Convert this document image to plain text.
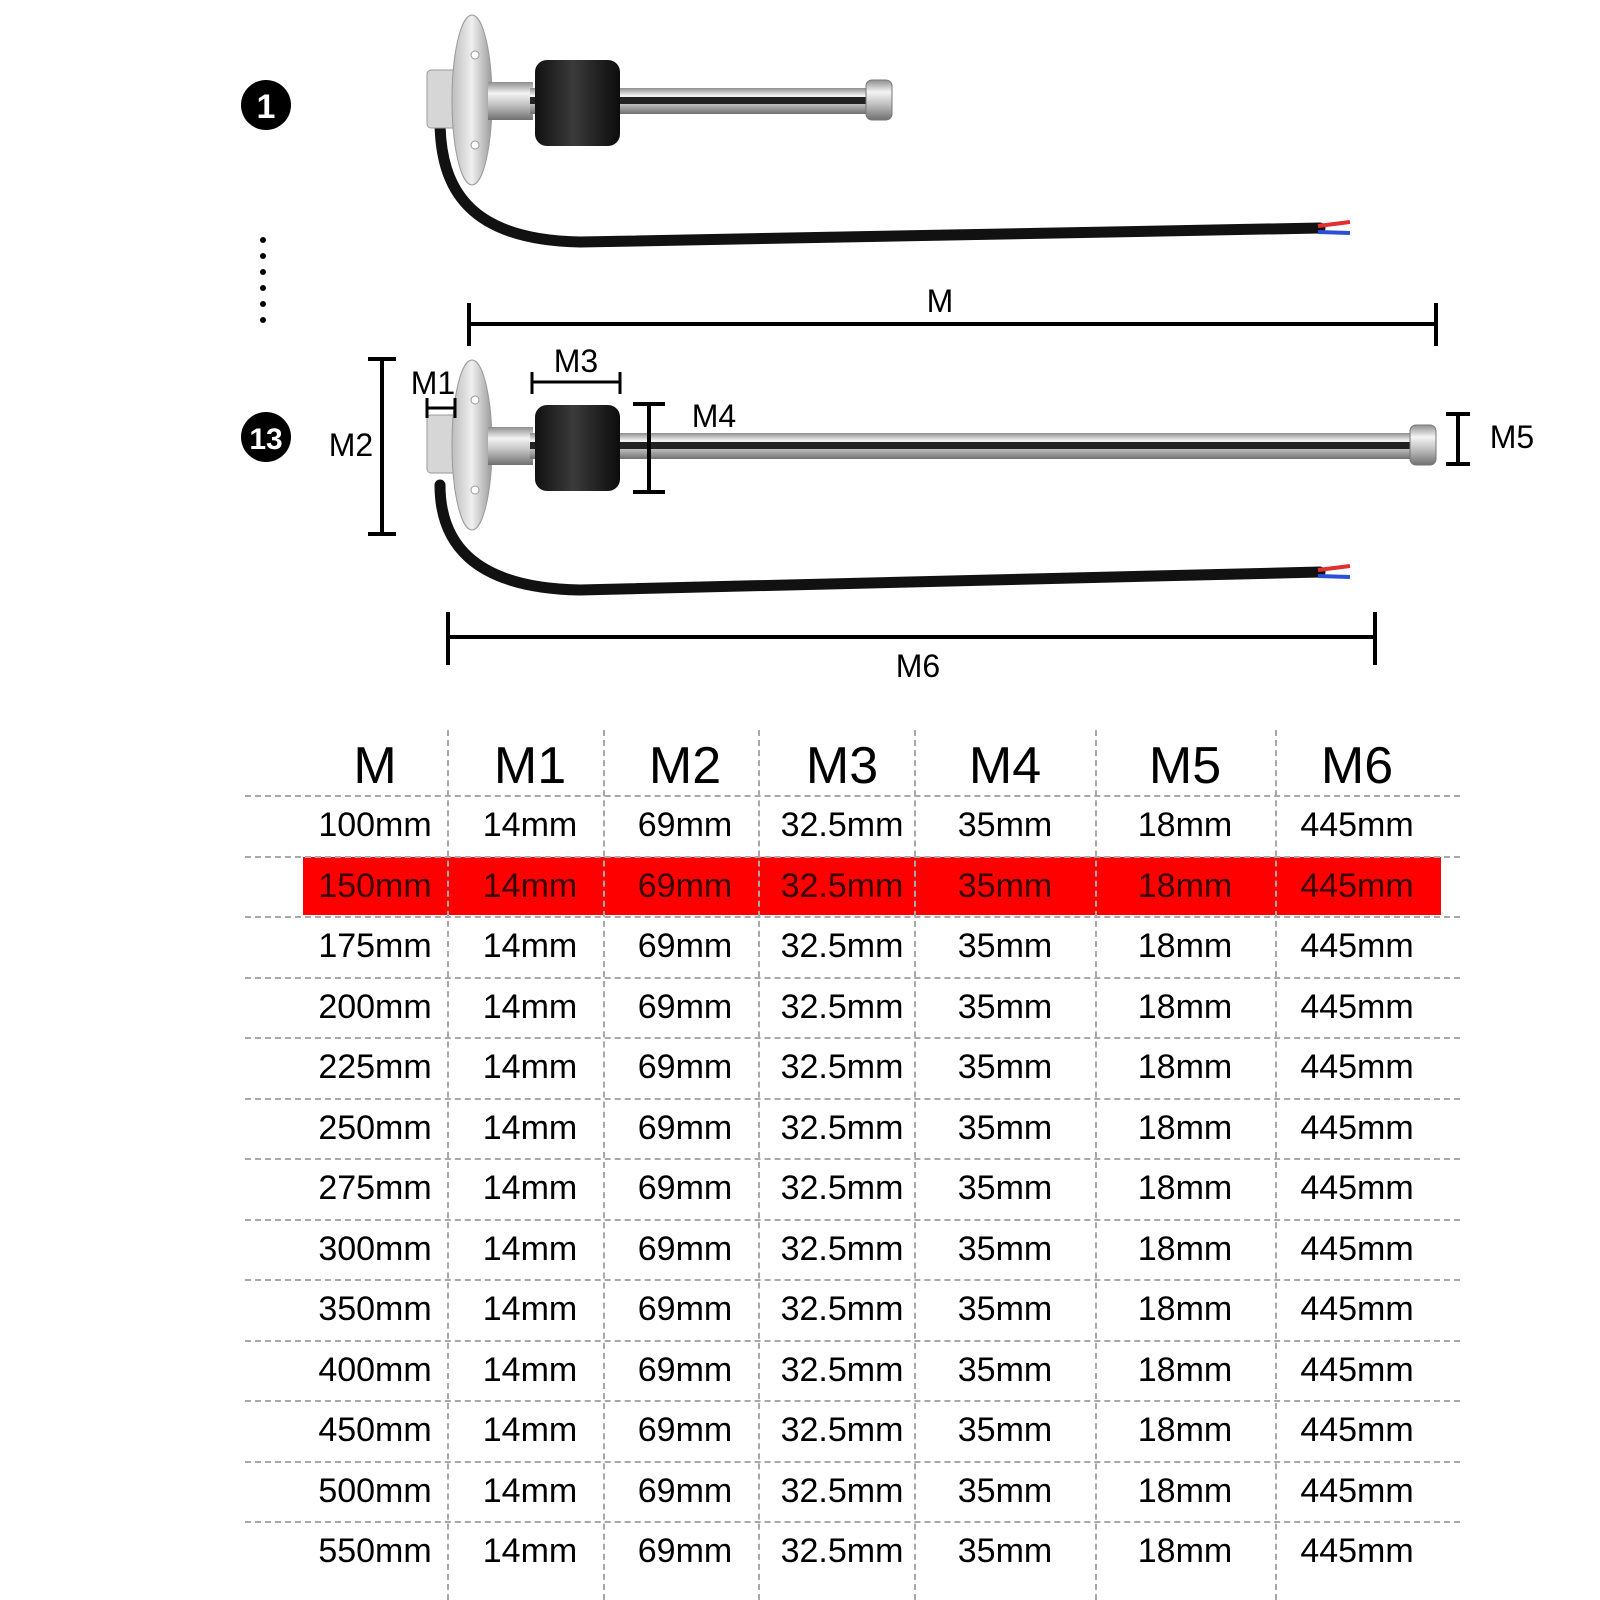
1
13
M
M2
M1
M3
M4
M5
M6
M	M1	M2	M3	M4	M5	M6
100mm	14mm	69mm	32.5mm	35mm	18mm	445mm
150mm	14mm	69mm	32.5mm	35mm	18mm	445mm
175mm	14mm	69mm	32.5mm	35mm	18mm	445mm
200mm	14mm	69mm	32.5mm	35mm	18mm	445mm
225mm	14mm	69mm	32.5mm	35mm	18mm	445mm
250mm	14mm	69mm	32.5mm	35mm	18mm	445mm
275mm	14mm	69mm	32.5mm	35mm	18mm	445mm
300mm	14mm	69mm	32.5mm	35mm	18mm	445mm
350mm	14mm	69mm	32.5mm	35mm	18mm	445mm
400mm	14mm	69mm	32.5mm	35mm	18mm	445mm
450mm	14mm	69mm	32.5mm	35mm	18mm	445mm
500mm	14mm	69mm	32.5mm	35mm	18mm	445mm
550mm	14mm	69mm	32.5mm	35mm	18mm	445mm
